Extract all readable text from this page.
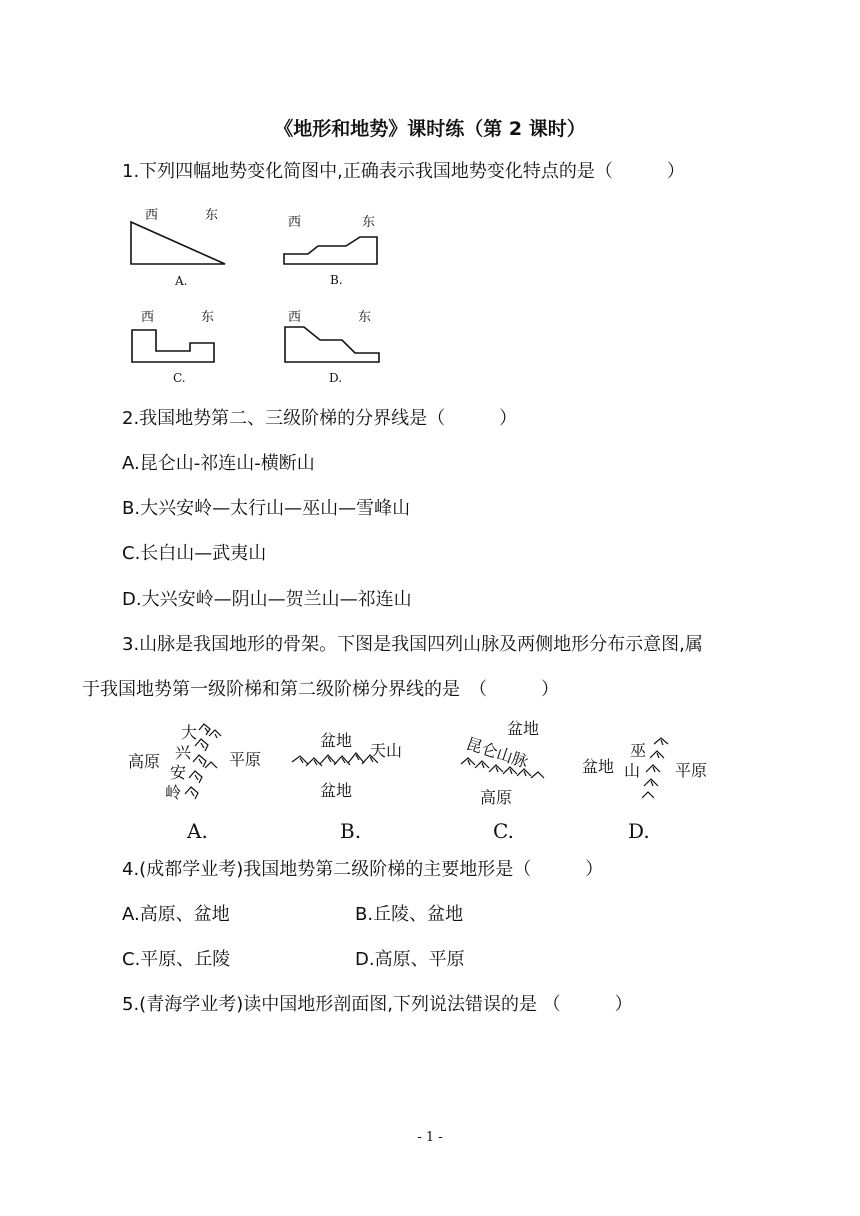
《地形和地势》课时练（第 2 课时）
1.下列四幅地势变化简图中,正确表示我国地势变化特点的是（　　　）
西	东
A.
西	东
B.
西	东
C.
西	东
D.
2.我国地势第二、三级阶梯的分界线是（　　　）
A.昆仑山-祁连山-横断山
B.大兴安岭—太行山—巫山—雪峰山
C.长白山—武夷山
D.大兴安岭—阴山—贺兰山—祁连山
3.山脉是我国地形的骨架。下图是我国四列山脉及两侧地形分布示意图,属
于我国地势第一级阶梯和第二级阶梯分界线的是　（　　　）
高原	平原
大
兴
安
岭
A.
盆地
天山
盆地
B.
盆地
昆仑山脉
高原
C.
盆地	平原
巫
山
D.
4.(成都学业考)我国地势第二级阶梯的主要地形是（　　　）
A.高原、盆地	B.丘陵、盆地
C.平原、丘陵	D.高原、平原
5.(青海学业考)读中国地形剖面图,下列说法错误的是 （　　　）
- 1 -
